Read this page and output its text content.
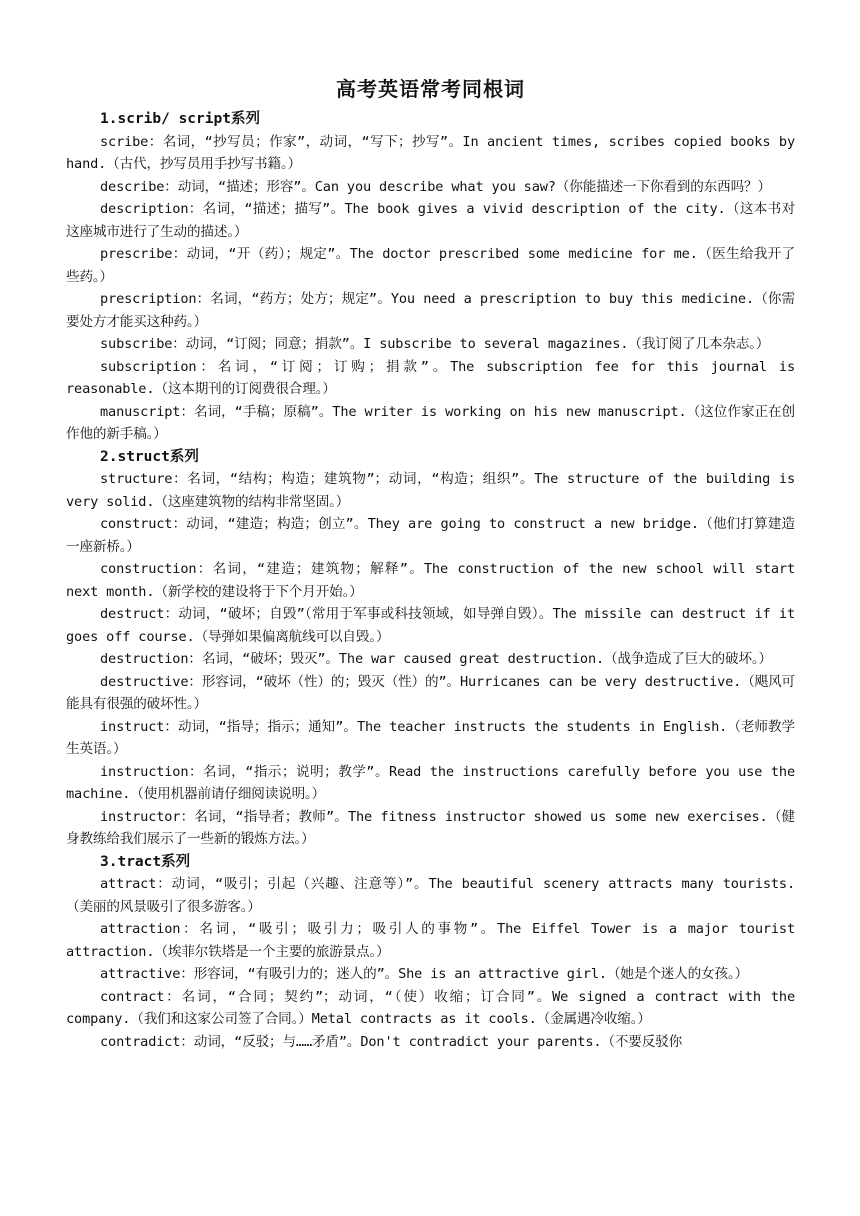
高考英语常考同根词

1.scrib/ script系列

scribe：名词，“抄写员；作家”，动词，“写下；抄写”。In ancient times, scribes copied books by hand.（古代，抄写员用手抄写书籍。）

describe：动词，“描述；形容”。Can you describe what you saw?（你能描述一下你看到的东西吗？）

description：名词，“描述；描写”。The book gives a vivid description of the city.（这本书对这座城市进行了生动的描述。）

prescribe：动词，“开（药）；规定”。The doctor prescribed some medicine for me.（医生给我开了些药。）

prescription：名词，“药方；处方；规定”。You need a prescription to buy this medicine.（你需要处方才能买这种药。）

subscribe：动词，“订阅；同意；捐款”。I subscribe to several magazines.（我订阅了几本杂志。）

subscription：名词，“订阅；订购；捐款”。The subscription fee for this journal is reasonable.（这本期刊的订阅费很合理。）

manuscript：名词，“手稿；原稿”。The writer is working on his new manuscript.（这位作家正在创作他的新手稿。）

2.struct系列

structure：名词，“结构；构造；建筑物”；动词，“构造；组织”。The structure of the building is very solid.（这座建筑物的结构非常坚固。）

construct：动词，“建造；构造；创立”。They are going to construct a new bridge.（他们打算建造一座新桥。）

construction：名词，“建造；建筑物；解释”。The construction of the new school will start next month.（新学校的建设将于下个月开始。）

destruct：动词，“破坏；自毁”（常用于军事或科技领域，如导弹自毁）。The missile can destruct if it goes off course.（导弹如果偏离航线可以自毁。）

destruction：名词，“破坏；毁灭”。The war caused great destruction.（战争造成了巨大的破坏。）

destructive：形容词，“破坏（性）的；毁灭（性）的”。Hurricanes can be very destructive.（飓风可能具有很强的破坏性。）

instruct：动词，“指导；指示；通知”。The teacher instructs the students in English.（老师教学生英语。）

instruction：名词，“指示；说明；教学”。Read the instructions carefully before you use the machine.（使用机器前请仔细阅读说明。）

instructor：名词，“指导者；教师”。The fitness instructor showed us some new exercises.（健身教练给我们展示了一些新的锻炼方法。）

3.tract系列

attract：动词，“吸引；引起（兴趣、注意等）”。The beautiful scenery attracts many tourists.（美丽的风景吸引了很多游客。）

attraction：名词，“吸引；吸引力；吸引人的事物”。The Eiffel Tower is a major tourist attraction.（埃菲尔铁塔是一个主要的旅游景点。）

attractive：形容词，“有吸引力的；迷人的”。She is an attractive girl.（她是个迷人的女孩。）

contract：名词，“合同；契约”；动词，“（使）收缩；订合同”。We signed a contract with the company.（我们和这家公司签了合同。）Metal contracts as it cools.（金属遇冷收缩。）

contradict：动词，“反驳；与……矛盾”。Don't contradict your parents.（不要反驳你
